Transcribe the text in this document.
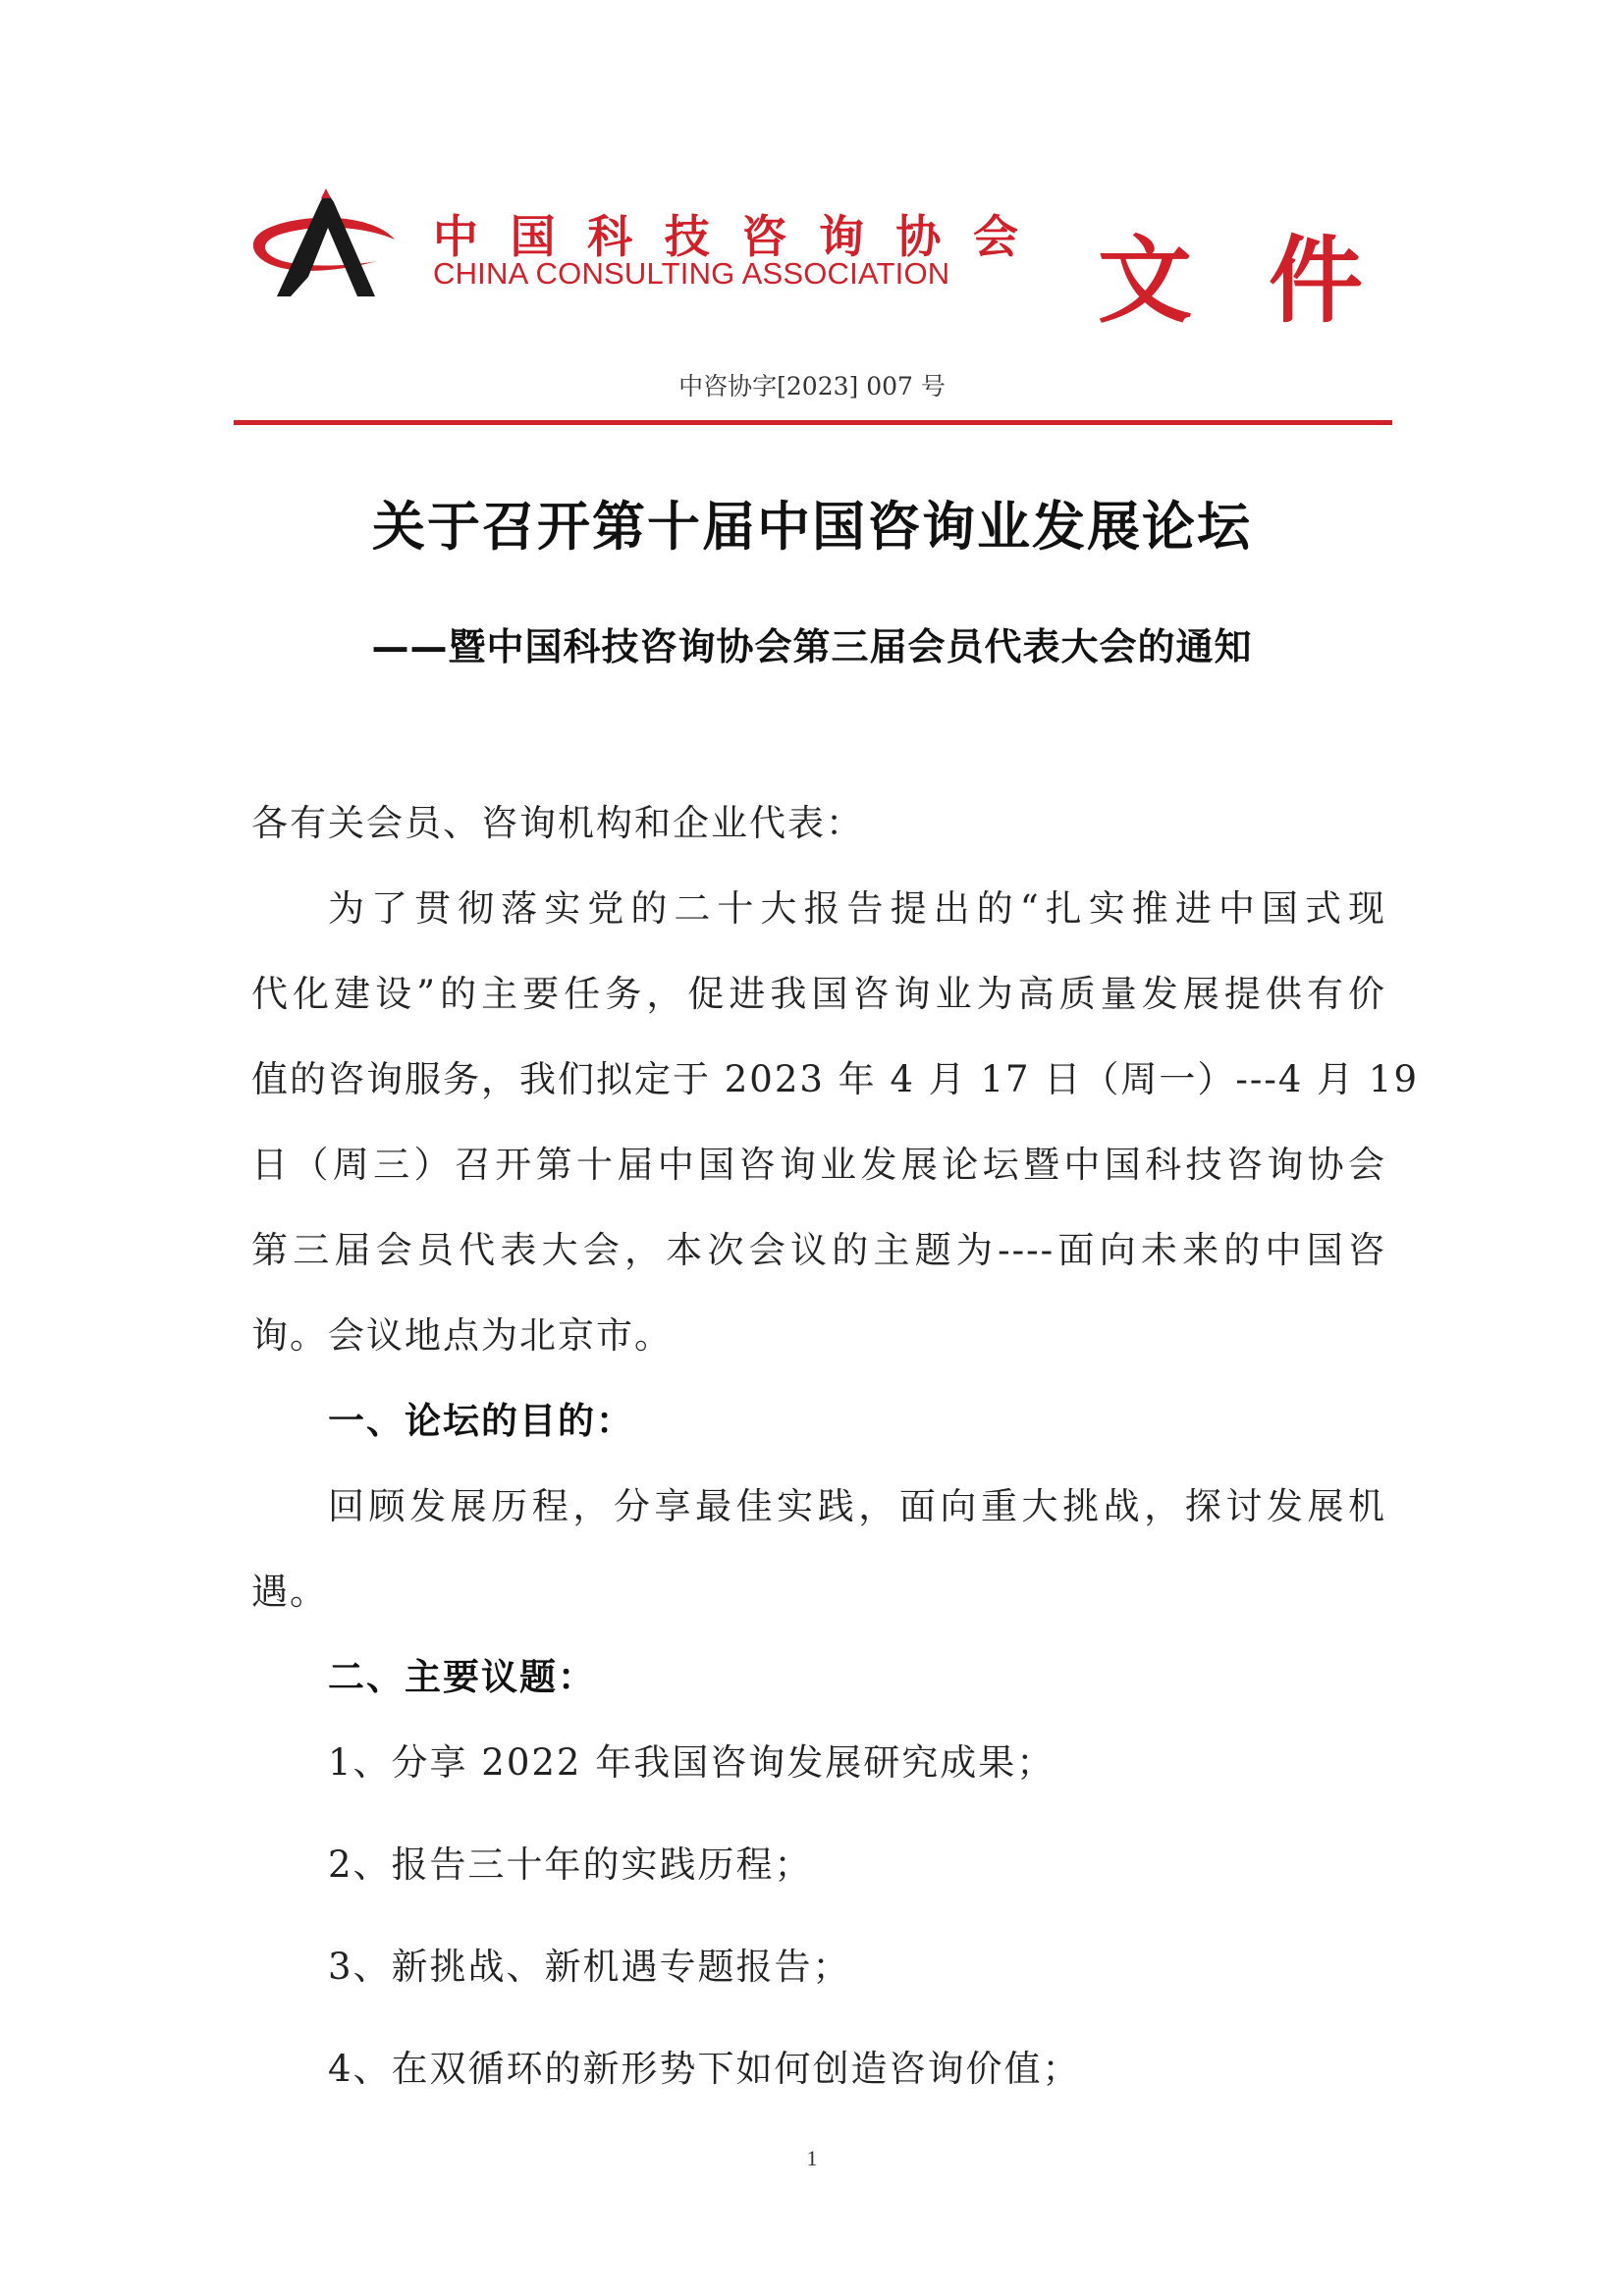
中国科技咨询协会
CHINA CONSULTING ASSOCIATION	文件
中咨协字[2023] 007 号
关于召开第十届中国咨询业发展论坛
——暨中国科技咨询协会第三届会员代表大会的通知
各有关会员、咨询机构和企业代表：
为了贯彻落实党的二十大报告提出的“扎实推进中国式现
代化建设”的主要任务，促进我国咨询业为高质量发展提供有价
值的咨询服务，我们拟定于 2023 年 4 月 17 日（周一）---4 月 19
日（周三）召开第十届中国咨询业发展论坛暨中国科技咨询协会
第三届会员代表大会，本次会议的主题为----面向未来的中国咨
询。会议地点为北京市。
一、论坛的目的：
回顾发展历程，分享最佳实践，面向重大挑战，探讨发展机
遇。
二、主要议题：
1、分享 2022 年我国咨询发展研究成果；
2、报告三十年的实践历程；
3、新挑战、新机遇专题报告；
4、在双循环的新形势下如何创造咨询价值；
1
